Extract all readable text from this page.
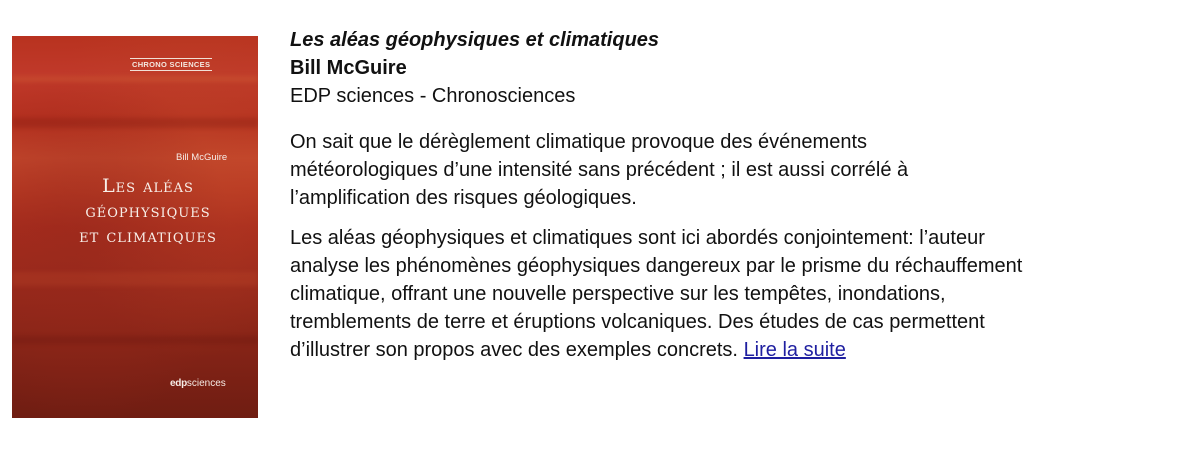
CHRONO SCIENCES
Bill McGuire
Les aléas
géophysiques
et climatiques
edpsciences

Les aléas géophysiques et climatiques

Bill McGuire

EDP sciences - Chronosciences

On sait que le dérèglement climatique provoque des événements
météorologiques d’une intensité sans précédent ; il est aussi corrélé à
l’amplification des risques géologiques.

Les aléas géophysiques et climatiques sont ici abordés conjointement: l’auteur
analyse les phénomènes géophysiques dangereux par le prisme du réchauffement
climatique, offrant une nouvelle perspective sur les tempêtes, inondations,
tremblements de terre et éruptions volcaniques. Des études de cas permettent
d’illustrer son propos avec des exemples concrets. Lire la suite
